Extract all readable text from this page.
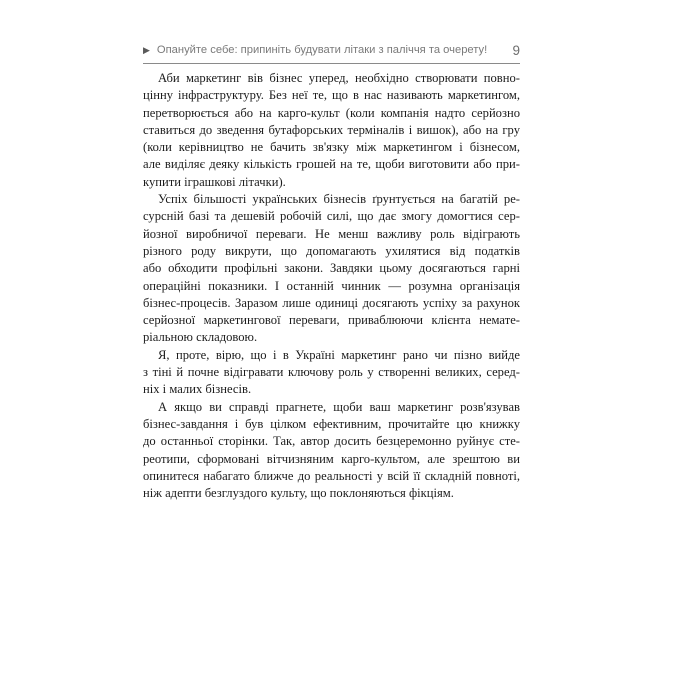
▶ Опануйте себе: припиніть будувати літаки з паліччя та очерету!	9

Аби маркетинг вів бізнес уперед, необхідно створювати повно-
цінну інфраструктуру. Без неї те, що в нас називають маркетингом,
перетворюється або на карго-культ (коли компанія надто серйозно
ставиться до зведення бутафорських терміналів і вишок), або на гру
(коли керівництво не бачить зв'язку між маркетингом і бізнесом,
але виділяє деяку кількість грошей на те, щоби виготовити або при-
купити іграшкові літачки).

Успіх більшості українських бізнесів ґрунтується на багатій ре-
сурсній базі та дешевій робочій силі, що дає змогу домогтися сер-
йозної виробничої переваги. Не менш важливу роль відіграють
різного роду викрути, що допомагають ухилятися від податків
або обходити профільні закони. Завдяки цьому досягаються гарні
операційні показники. І останній чинник — розумна організація
бізнес-процесів. Заразом лише одиниці досягають успіху за рахунок
серйозної маркетингової переваги, приваблюючи клієнта немате-
ріальною складовою.

Я, проте, вірю, що і в Україні маркетинг рано чи пізно вийде
з тіні й почне відігравати ключову роль у створенні великих, серед-
ніх і малих бізнесів.

А якщо ви справді прагнете, щоби ваш маркетинг розв'язував
бізнес-завдання і був цілком ефективним, прочитайте цю книжку
до останньої сторінки. Так, автор досить безцеремонно руйнує сте-
реотипи, сформовані вітчизняним карго-культом, але зрештою ви
опинитеся набагато ближче до реальності у всій її складній повноті,
ніж адепти безглуздого культу, що поклоняються фікціям.
